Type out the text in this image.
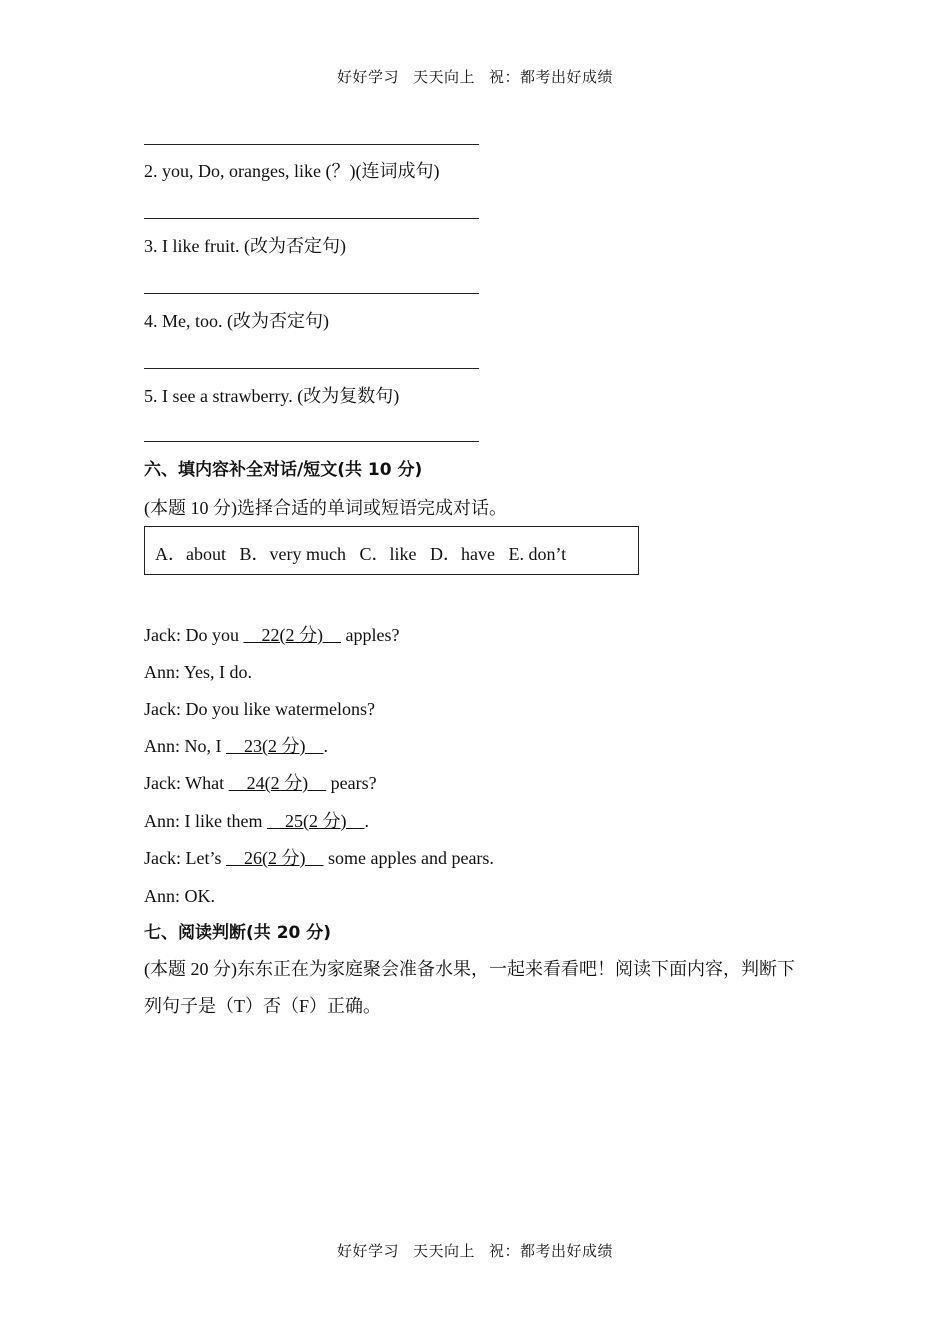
好好学习 天天向上 祝：都考出好成绩
2. you, Do, oranges, like (？)(连词成句)
3. I like fruit. (改为否定句)
4. Me, too. (改为否定句)
5. I see a strawberry. (改为复数句)
六、填内容补全对话/短文(共 10 分)
(本题 10 分)选择合适的单词或短语完成对话。
A．about   B．very much   C．like   D．have   E. don’t
Jack: Do you     22(2 分)     apples?
Ann: Yes, I do.
Jack: Do you like watermelons?
Ann: No, I     23(2 分)    .
Jack: What     24(2 分)     pears?
Ann: I like them     25(2 分)    .
Jack: Let’s     26(2 分)     some apples and pears.
Ann: OK.
七、阅读判断(共 20 分)
(本题 20 分)东东正在为家庭聚会准备水果，一起来看看吧！阅读下面内容，判断下列句子是（T）否（F）正确。
好好学习 天天向上 祝：都考出好成绩
